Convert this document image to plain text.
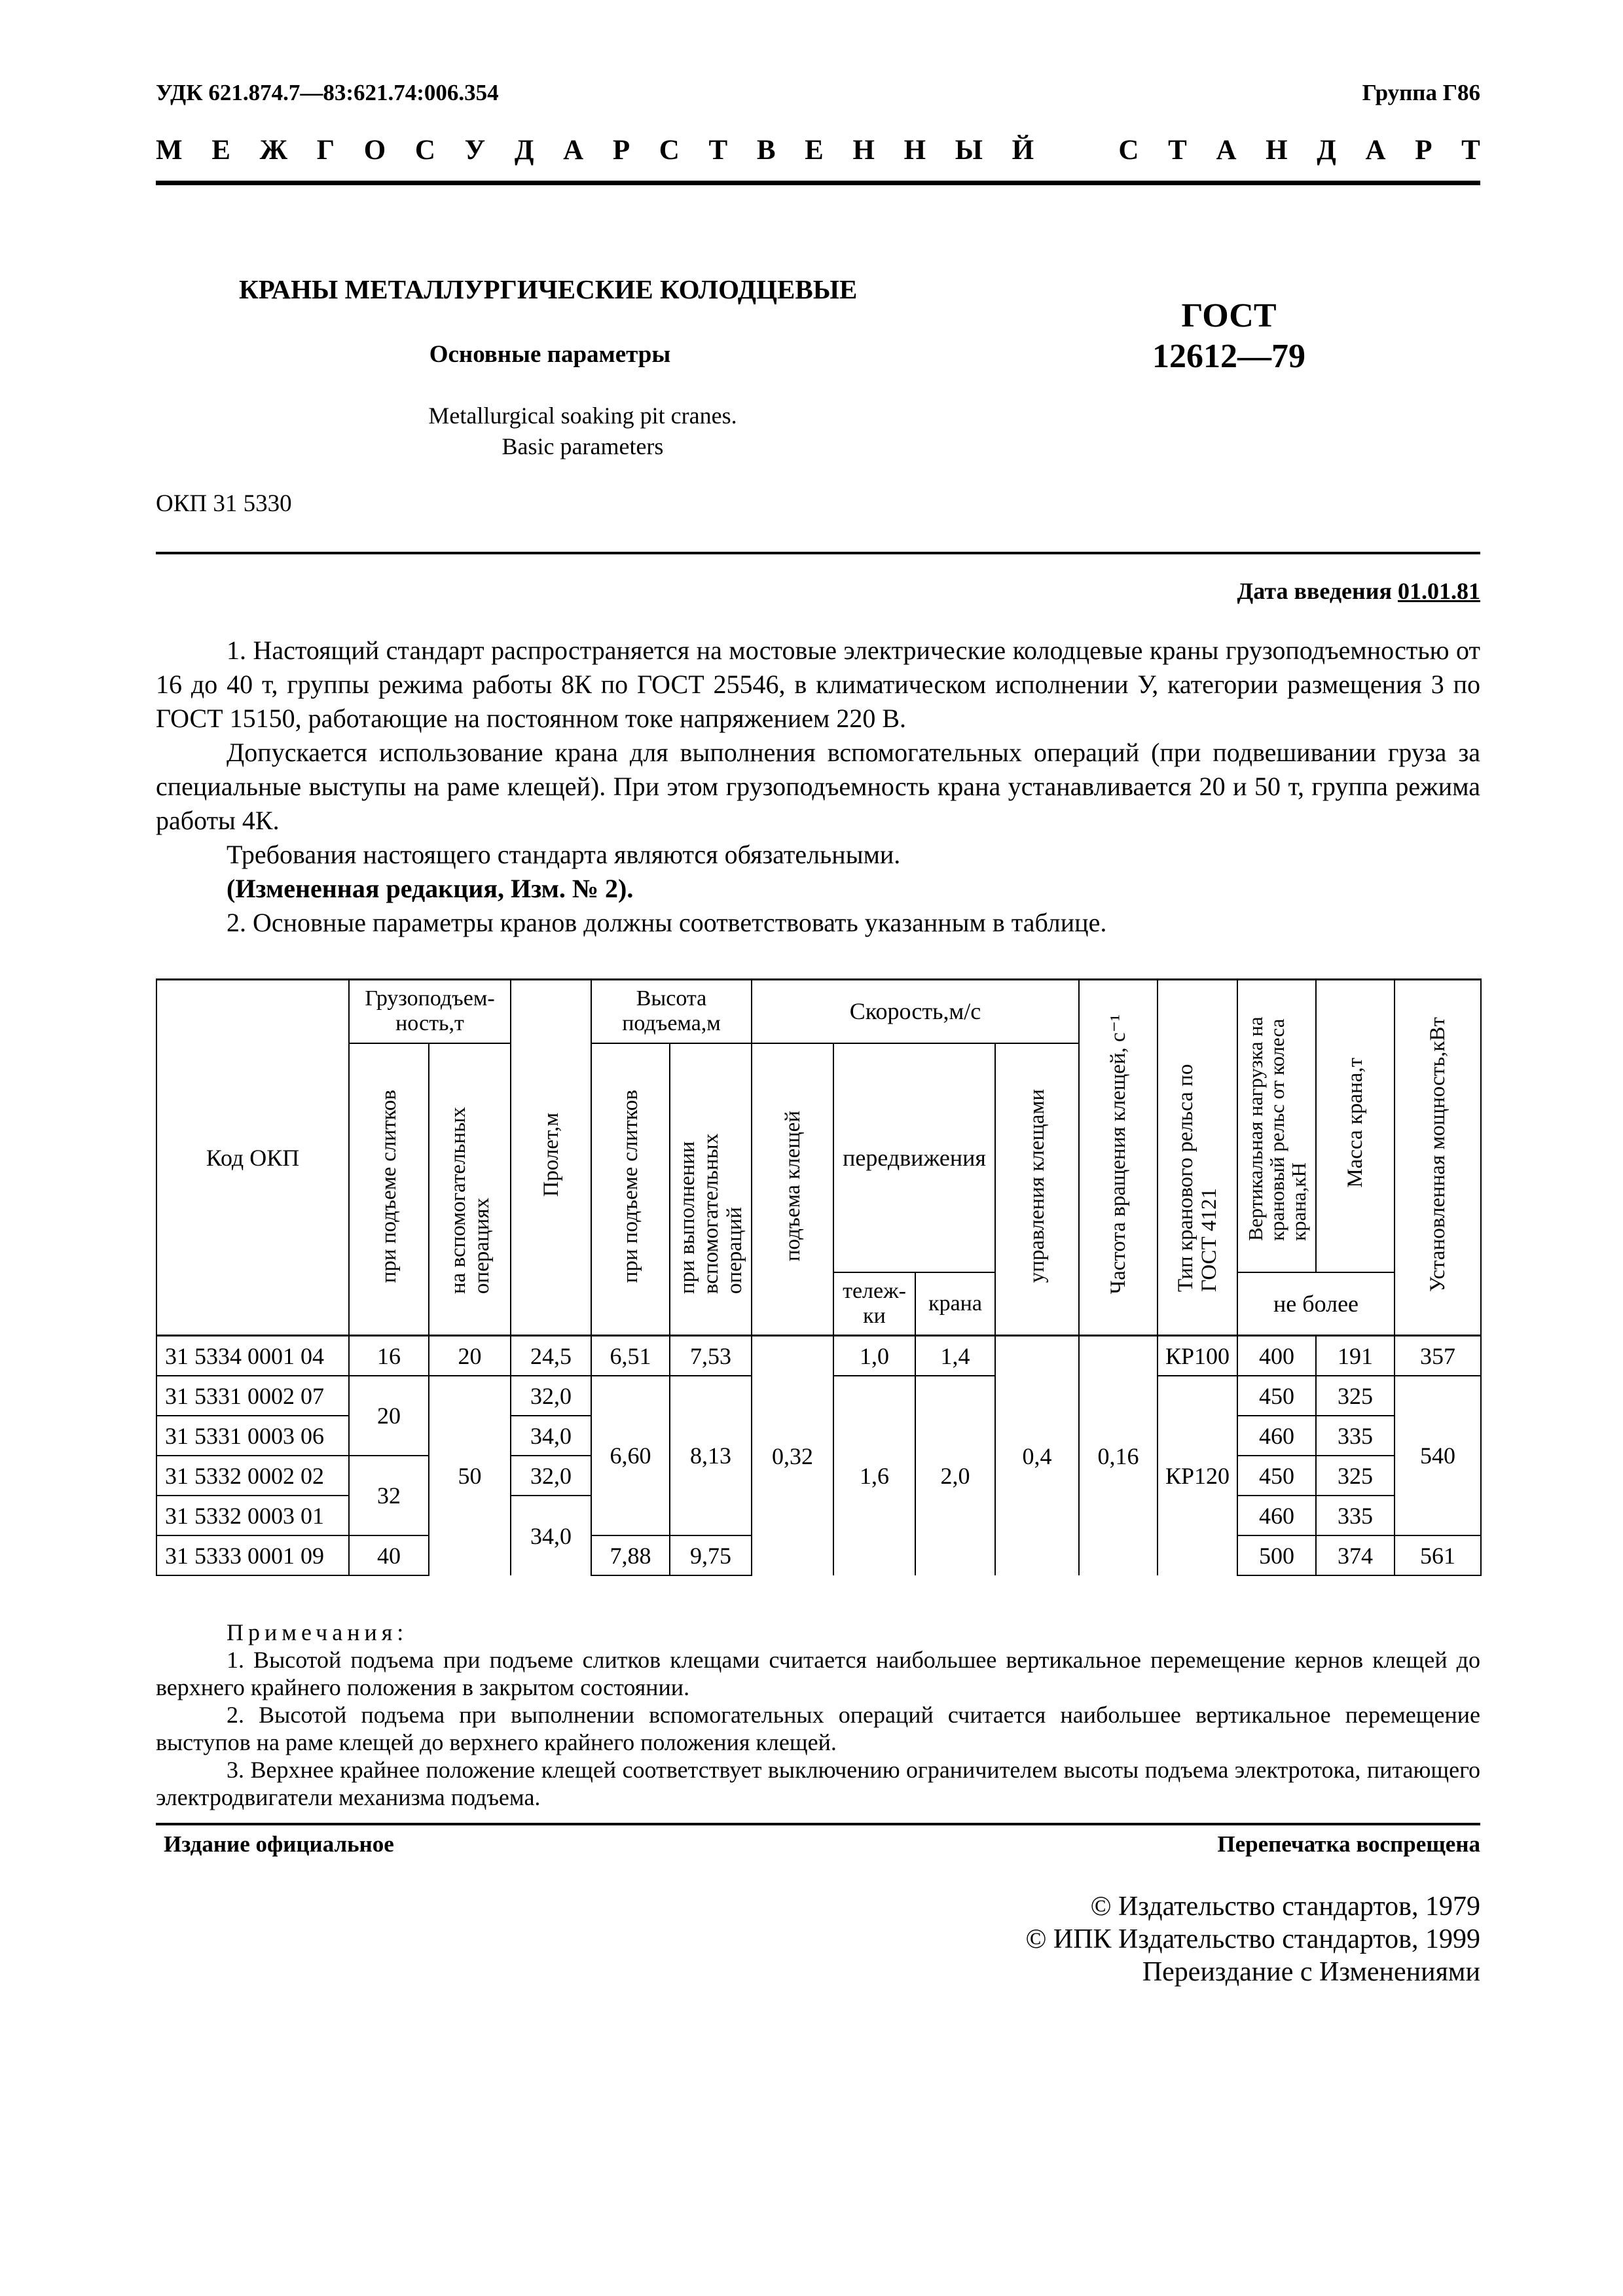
УДК 621.874.7—83:621.74:006.354	Группа Г86
М Е Ж Г О С У Д А Р С Т В Е Н Н Ы Й	С Т А Н Д А Р Т
КРАНЫ МЕТАЛЛУРГИЧЕСКИЕ КОЛОДЦЕВЫЕ
Основные параметры
ГОСТ
12612—79
Metallurgical soaking pit cranes.
Basic parameters
ОКП 31 5330
Дата введения 01.01.81

1. Настоящий стандарт распространяется на мостовые электрические колодцевые краны грузоподъемностью от 16 до 40 т, группы режима работы 8К по ГОСТ 25546, в климатическом исполнении У, категории размещения 3 по ГОСТ 15150, работающие на постоянном токе напряжением 220 В.

Допускается использование крана для выполнения вспомогательных операций (при подвешивании груза за специальные выступы на раме клещей). При этом грузоподъемность крана устанавливается 20 и 50 т, группа режима работы 4К.

Требования настоящего стандарта являются обязательными.

(Измененная редакция, Изм. № 2).

2. Основные параметры кранов должны соответствовать указанным в таблице.

Код ОКП	Грузоподъем-ность,т		Пролет,м	Высота подъема,м		Скорость,м/с				Частота вращения клещей, с⁻¹	Тип кранового рельса по ГОСТ 4121	Вертикальная нагрузка на крановый рельс от колеса крана,кН	Масса крана,т	Установленная мощность,кВт
	при подъеме слитков	на вспомогательных операциях		при подъеме слитков	при выполнении вспомогательных операций	подъема клещей	передвижения		управления клещами					
							тележ-ки	крана				не более		
31 5334 0001 04	16	20	24,5	6,51	7,53	0,32	1,0	1,4	0,4	0,16	КР100	400	191	357
31 5331 0002 07	20	50	32,0	6,60	8,13		1,6	2,0			КР120	450	325	540
31 5331 0003 06			34,0									460	335	
31 5332 0002 02	32		32,0									450	325	
31 5332 0003 01			34,0									460	335	
31 5333 0001 09	40			7,88	9,75							500	374	561

Примечания:

1. Высотой подъема при подъеме слитков клещами считается наибольшее вертикальное перемещение кернов клещей до верхнего крайнего положения в закрытом состоянии.

2. Высотой подъема при выполнении вспомогательных операций считается наибольшее вертикальное перемещение выступов на раме клещей до верхнего крайнего положения клещей.

3. Верхнее крайнее положение клещей соответствует выключению ограничителем высоты подъема электротока, питающего электродвигатели механизма подъема.

Издание официальное	Перепечатка воспрещена
© Издательство стандартов, 1979
© ИПК Издательство стандартов, 1999
Переиздание с Изменениями
